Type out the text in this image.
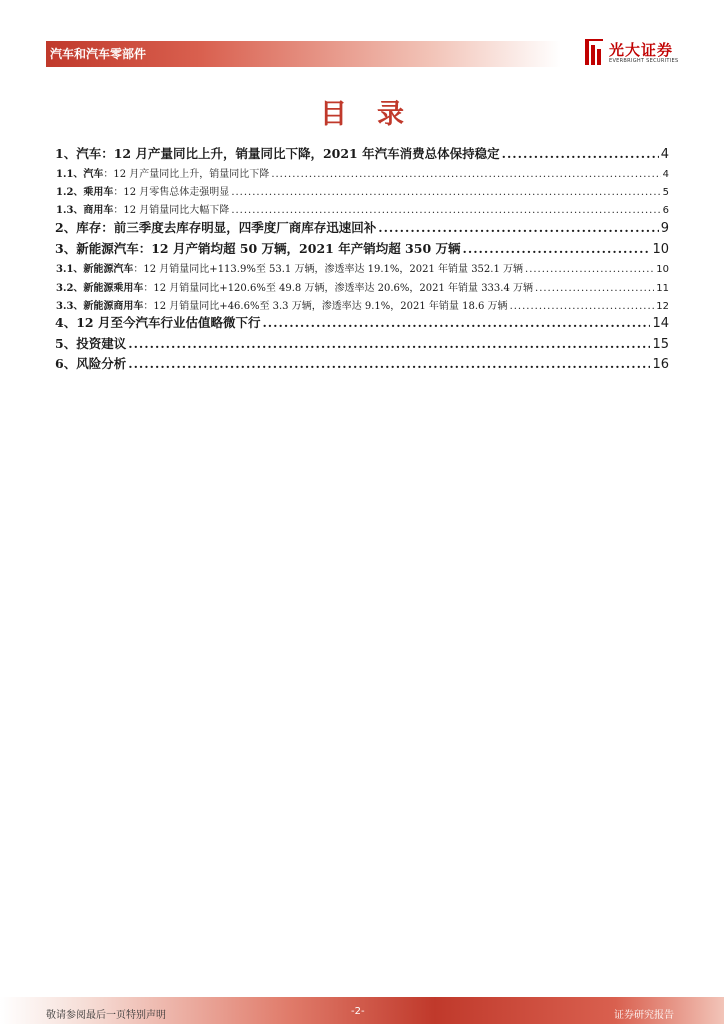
汽车和汽车零部件	光大证券
EVERBRIGHT SECURITIES
目录
1、 汽车：12 月产量同比上升，销量同比下降，2021 年汽车消费总体保持稳定 .....	4
1.1、 汽车 ：12 月产量同比上升，销量同比下降 .....	4
1.2、 乘用车 ：12 月零售总体走强明显 .....	5
1.3、 商用车 ：12 月销量同比大幅下降 .....	6
2、 库存：前三季度去库存明显，四季度厂商库存迅速回补 .....	9
3、 新能源汽车：12 月产销均超 50 万辆，2021 年产销均超 350 万辆 .....	10
3.1、 新能源汽车 ：12 月销量同比+113.9%至 53.1 万辆，渗透率达 19.1%，2021 年销量 352.1 万辆 .....	10
3.2、 新能源乘用车 ：12 月销量同比+120.6%至 49.8 万辆，渗透率达 20.6%，2021 年销量 333.4 万辆 .....	11
3.3、 新能源商用车 ：12 月销量同比+46.6%至 3.3 万辆，渗透率达 9.1%，2021 年销量 18.6 万辆 .....	12
4、 12 月至今汽车行业估值略微下行 .....	14
5、 投资建议 .....	15
6、 风险分析 .....	16
敬请参阅最后一页特别声明	-2-	证券研究报告
